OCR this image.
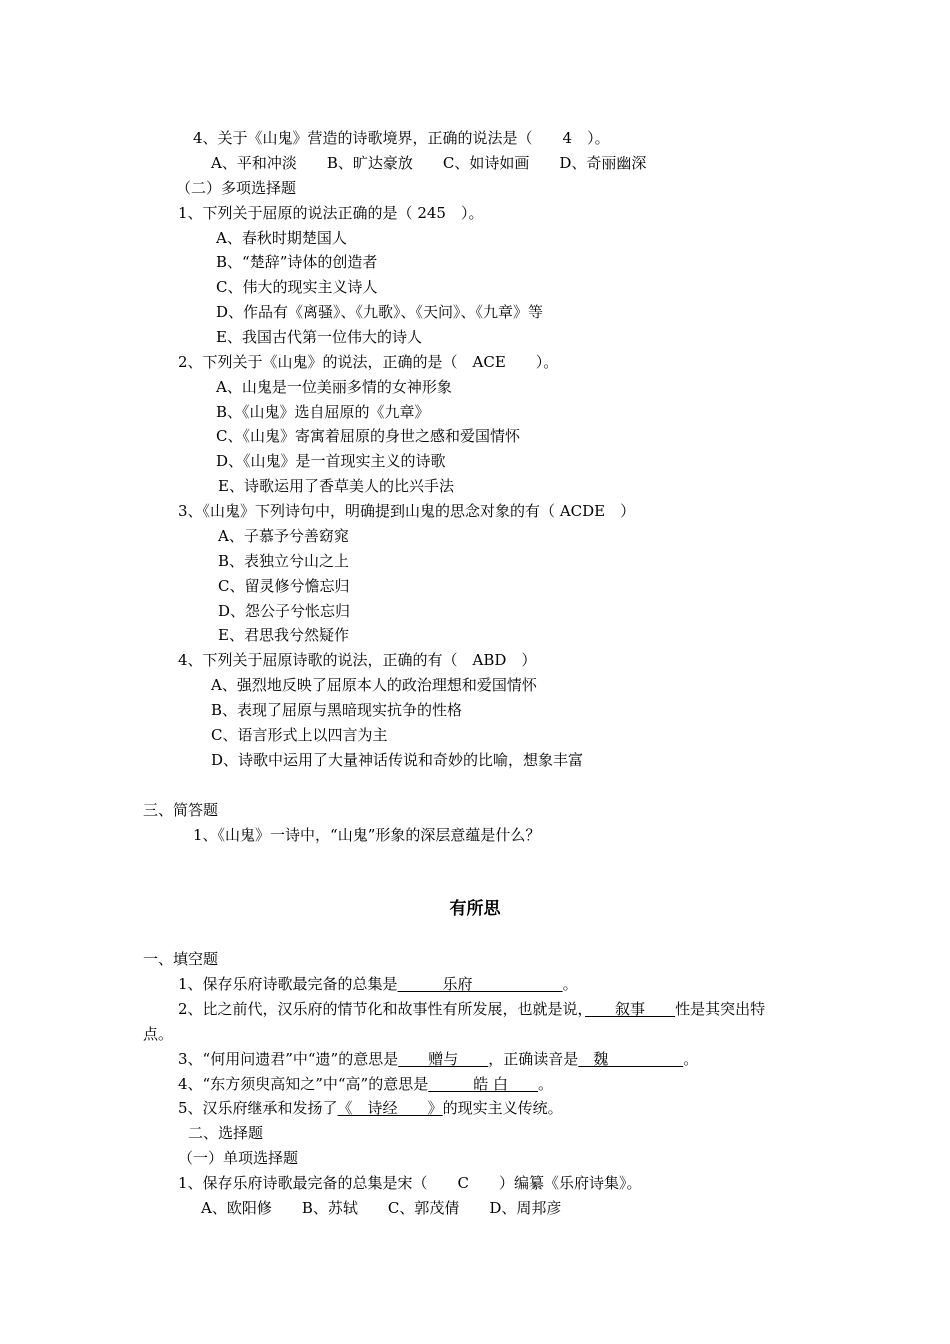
4、关于《山鬼》营造的诗歌境界，正确的说法是（　　4　）。
A、平和冲淡　　B、旷达豪放　　C、如诗如画　　D、奇丽幽深
（二）多项选择题
1、下列关于屈原的说法正确的是（ 245　）。
A、春秋时期楚国人
B、“楚辞”诗体的创造者
C、伟大的现实主义诗人
D、作品有《离骚》、《九歌》、《天问》、《九章》等
E、我国古代第一位伟大的诗人
2、下列关于《山鬼》的说法，正确的是（　ACE　　）。
A、山鬼是一位美丽多情的女神形象
B、《山鬼》选自屈原的《九章》
C、《山鬼》寄寓着屈原的身世之感和爱国情怀
D、《山鬼》是一首现实主义的诗歌
E、诗歌运用了香草美人的比兴手法
3、《山鬼》下列诗句中，明确提到山鬼的思念对象的有（ ACDE　）
A、子慕予兮善窈窕
B、表独立兮山之上
C、留灵修兮憺忘归
D、怨公子兮怅忘归
E、君思我兮然疑作
4、下列关于屈原诗歌的说法，正确的有（　ABD　）
A、强烈地反映了屈原本人的政治理想和爱国情怀
B、表现了屈原与黑暗现实抗争的性格
C、语言形式上以四言为主
D、诗歌中运用了大量神话传说和奇妙的比喻，想象丰富
三、简答题
1、《山鬼》一诗中，“山鬼”形象的深层意蕴是什么？
有所思
一、填空题
1、保存乐府诗歌最完备的总集是　　　乐府　　　　　　。
2、比之前代，汉乐府的情节化和故事性有所发展，也就是说，　　叙事　　性是其突出特
点。
3、“何用问遗君”中“遗”的意思是　　赠与　　，正确读音是　魏　　　　　。
4、“东方须臾高知之”中“高”的意思是　　　皓 白　　。
5、汉乐府继承和发扬了《　诗经　　》的现实主义传统。
二、选择题
（一）单项选择题
1、保存乐府诗歌最完备的总集是宋（　　C　　）编纂《乐府诗集》。
A、欧阳修　　B、苏轼　　C、郭茂倩　　D、周邦彦
